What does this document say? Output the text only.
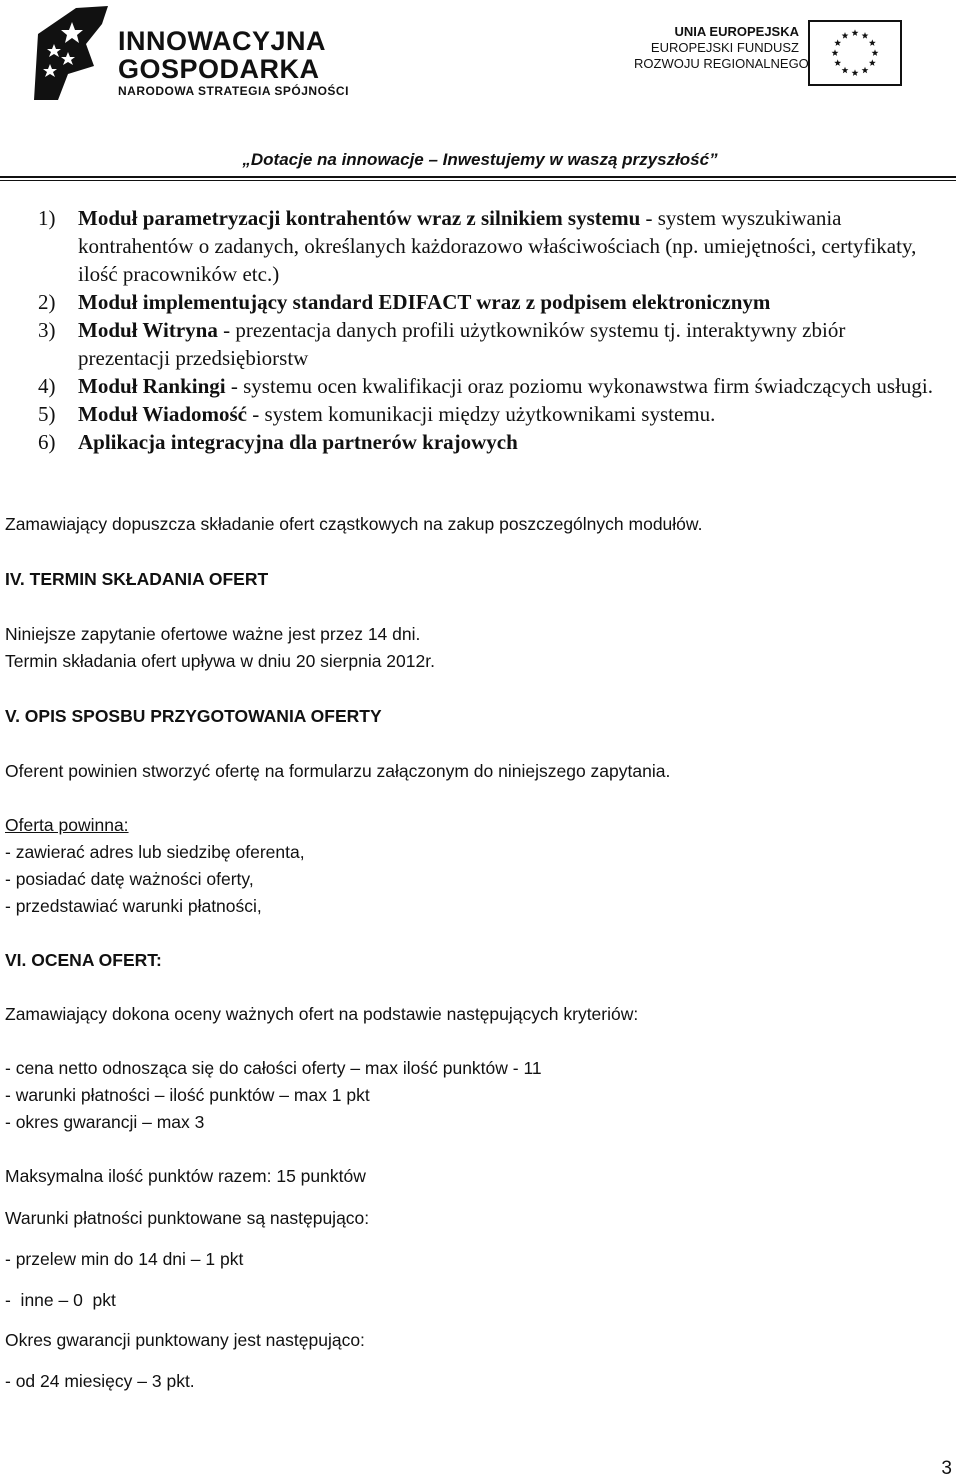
INNOWACYJNA
GOSPODARKA
NARODOWA STRATEGIA SPÓJNOŚCI
UNIA EUROPEJSKA
EUROPEJSKI FUNDUSZ
ROZWOJU REGIONALNEGO
„Dotacje na innowacje – Inwestujemy w waszą przyszłość”
1) Moduł parametryzacji kontrahentów wraz z silnikiem systemu - system wyszukiwania kontrahentów o zadanych, określanych każdorazowo właściwościach (np. umiejętności, certyfikaty, ilość pracowników etc.)
2) Moduł implementujący standard EDIFACT wraz z podpisem elektronicznym
3) Moduł Witryna - prezentacja danych profili użytkowników systemu tj. interaktywny zbiór prezentacji przedsiębiorstw
4) Moduł Rankingi - systemu ocen kwalifikacji oraz poziomu wykonawstwa firm świadczących usługi.
5) Moduł Wiadomość - system komunikacji między użytkownikami systemu.
6) Aplikacja integracyjna dla partnerów krajowych
Zamawiający dopuszcza składanie ofert cząstkowych na zakup poszczególnych modułów.
IV. TERMIN SKŁADANIA OFERT
Niniejsze zapytanie ofertowe ważne jest przez 14 dni.
Termin składania ofert upływa w dniu 20 sierpnia 2012r.
V. OPIS SPOSBU PRZYGOTOWANIA OFERTY
Oferent powinien stworzyć ofertę na formularzu załączonym do niniejszego zapytania.
Oferta powinna:
- zawierać adres lub siedzibę oferenta,
- posiadać datę ważności oferty,
- przedstawiać warunki płatności,
VI. OCENA OFERT:
Zamawiający dokona oceny ważnych ofert na podstawie następujących kryteriów:
- cena netto odnosząca się do całości oferty – max ilość punktów - 11
- warunki płatności – ilość punktów – max 1 pkt
- okres gwarancji – max 3
Maksymalna ilość punktów razem: 15 punktów
Warunki płatności punktowane są następująco:
- przelew min do 14 dni – 1 pkt
-  inne – 0  pkt
Okres gwarancji punktowany jest następująco:
- od 24 miesięcy – 3 pkt.
3
